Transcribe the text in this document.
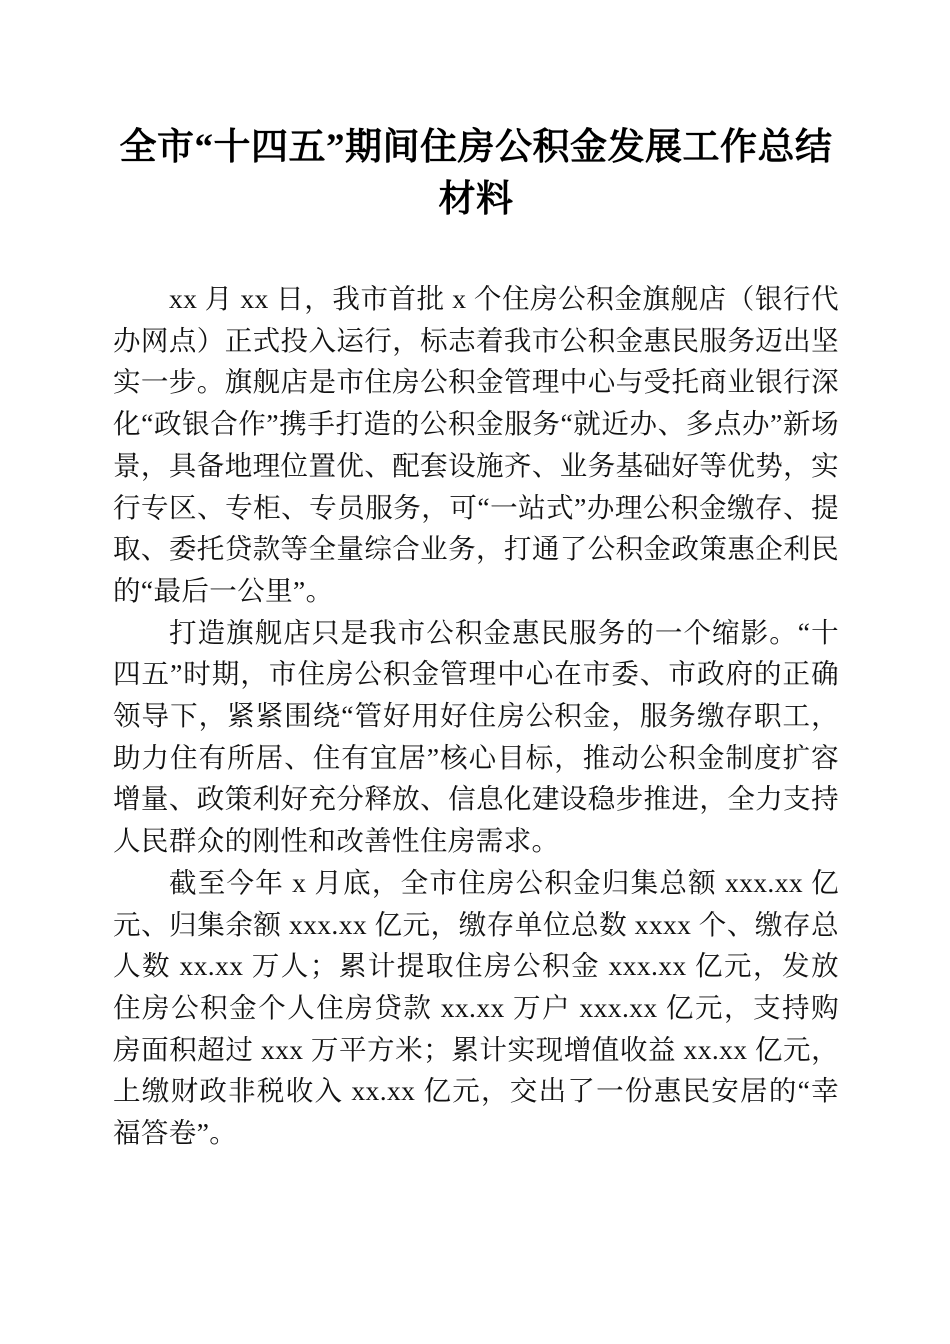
全市“十四五”期间住房公积金发展工作总结材料

xx 月 xx 日，我市首批 x 个住房公积金旗舰店（银行代办网点）正式投入运行，标志着我市公积金惠民服务迈出坚实一步。旗舰店是市住房公积金管理中心与受托商业银行深化“政银合作”携手打造的公积金服务“就近办、多点办”新场景，具备地理位置优、配套设施齐、业务基础好等优势，实行专区、专柜、专员服务，可“一站式”办理公积金缴存、提取、委托贷款等全量综合业务，打通了公积金政策惠企利民的“最后一公里”。

打造旗舰店只是我市公积金惠民服务的一个缩影。“十四五”时期，市住房公积金管理中心在市委、市政府的正确领导下，紧紧围绕“管好用好住房公积金，服务缴存职工，助力住有所居、住有宜居”核心目标，推动公积金制度扩容增量、政策利好充分释放、信息化建设稳步推进，全力支持人民群众的刚性和改善性住房需求。

截至今年 x 月底，全市住房公积金归集总额 xxx.xx 亿元、归集余额 xxx.xx 亿元，缴存单位总数 xxxx 个、缴存总人数 xx.xx 万人；累计提取住房公积金 xxx.xx 亿元，发放住房公积金个人住房贷款 xx.xx 万户 xxx.xx 亿元，支持购房面积超过 xxx 万平方米；累计实现增值收益 xx.xx 亿元，上缴财政非税收入 xx.xx 亿元，交出了一份惠民安居的“幸福答卷”。
